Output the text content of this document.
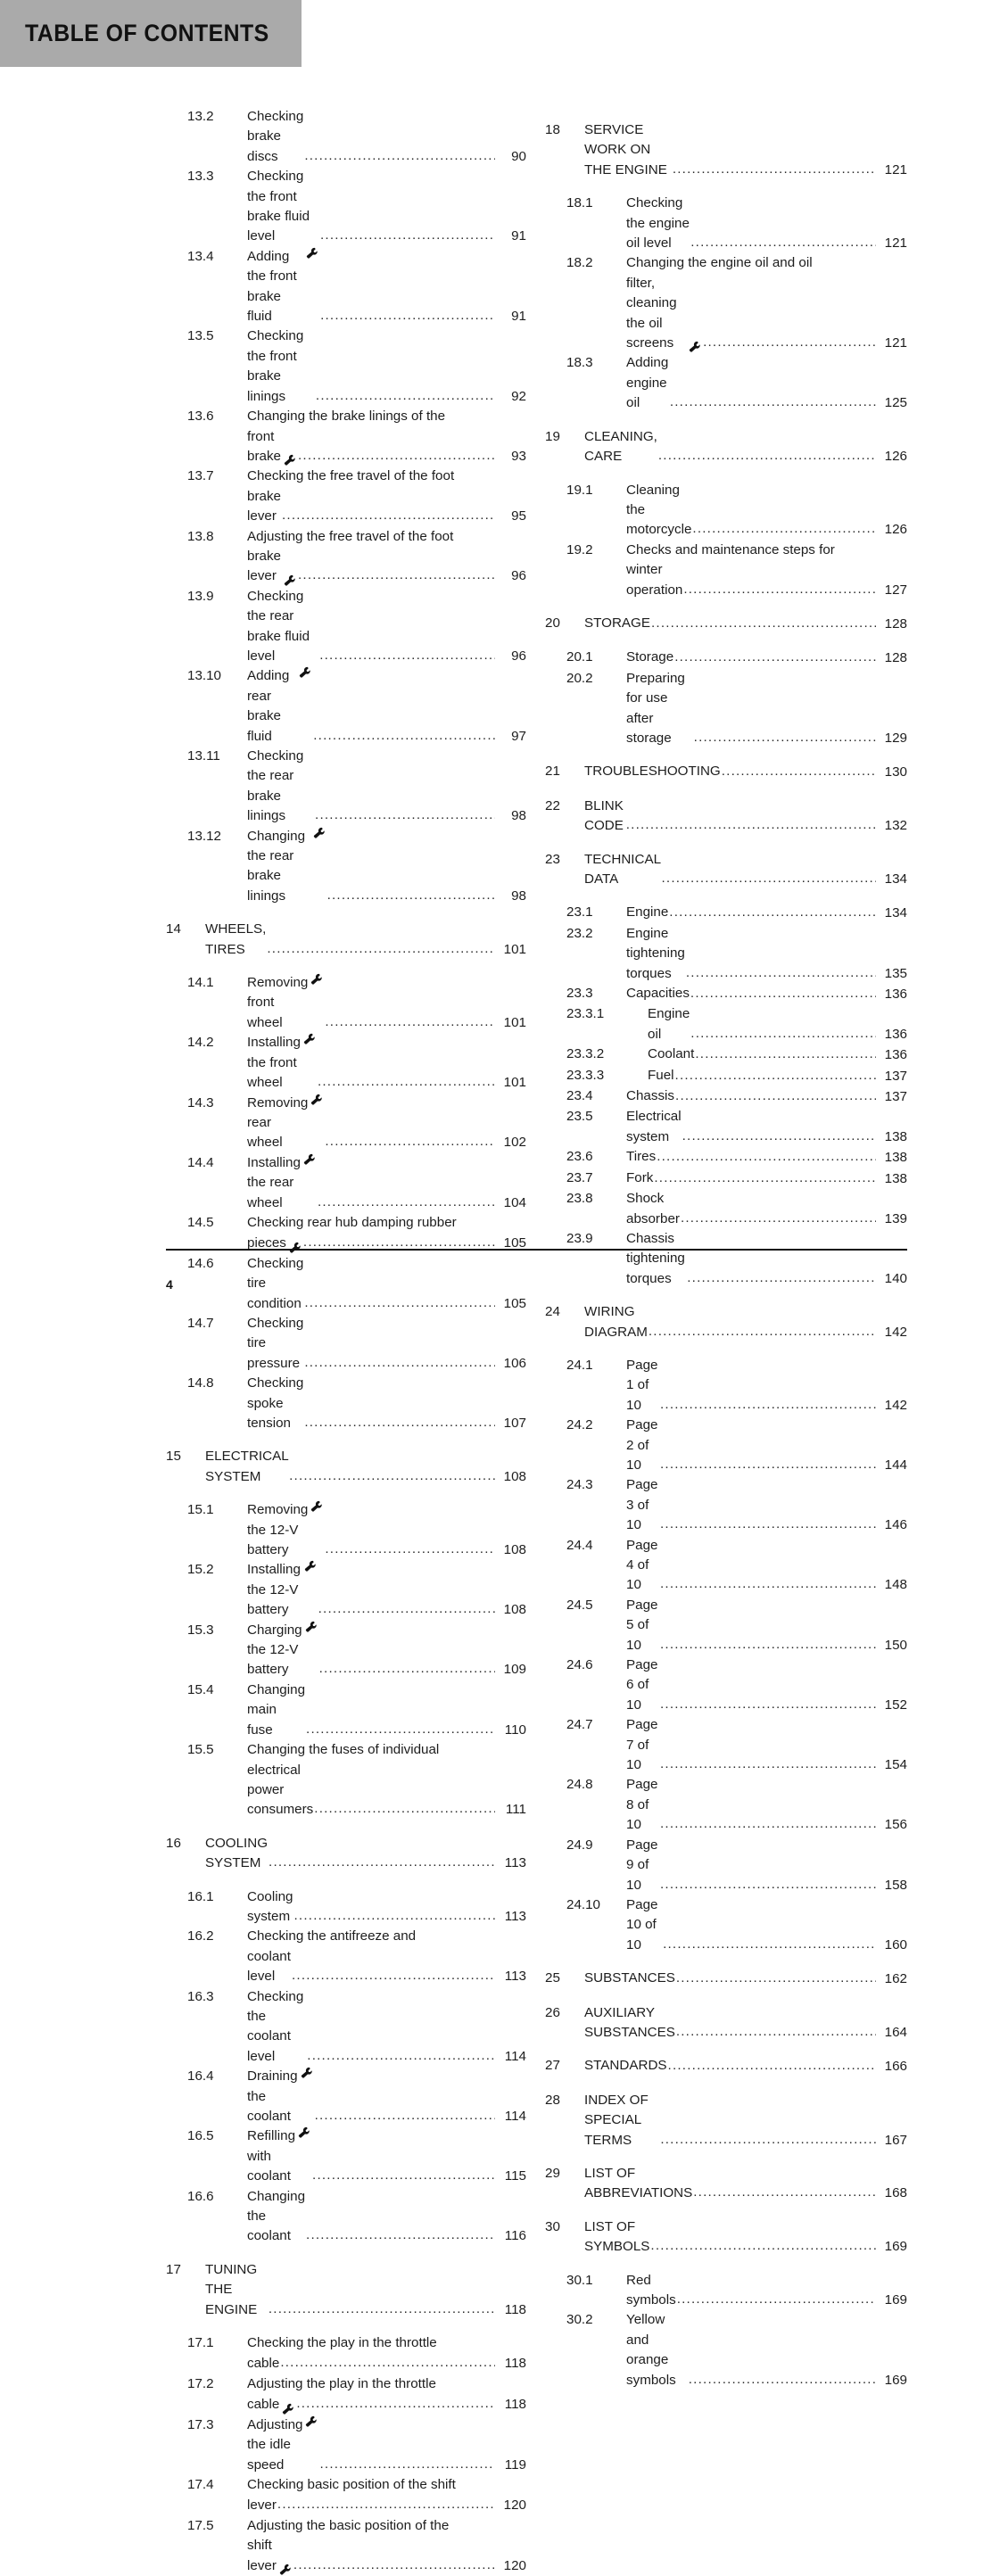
TABLE OF CONTENTS
13.2	Checking brake discs .....	90
13.3	Checking the front brake fluid level .....	91
13.4	Adding the front brake fluid .....	91
13.5	Checking the front brake linings .....	92
13.6	Changing the brake linings of the
front brake .....	93
13.7	Checking the free travel of the foot
brake lever .....	95
13.8	Adjusting the free travel of the foot
brake lever .....	96
13.9	Checking the rear brake fluid level .....	96
13.10	Adding rear brake fluid .....	97
13.11	Checking the rear brake linings .....	98
13.12	Changing the rear brake linings .....	98
14	WHEELS, TIRES .....	101
14.1	Removing front wheel .....	101
14.2	Installing the front wheel .....	101
14.3	Removing rear wheel .....	102
14.4	Installing the rear wheel .....	104
14.5	Checking rear hub damping rubber
pieces .....	105
14.6	Checking tire condition .....	105
14.7	Checking tire pressure .....	106
14.8	Checking spoke tension .....	107
15	ELECTRICAL SYSTEM .....	108
15.1	Removing the 12-V battery .....	108
15.2	Installing the 12-V battery .....	108
15.3	Charging the 12-V battery .....	109
15.4	Changing main fuse .....	110
15.5	Changing the fuses of individual
electrical power consumers .....	111
16	COOLING SYSTEM .....	113
16.1	Cooling system .....	113
16.2	Checking the antifreeze and
coolant level .....	113
16.3	Checking the coolant level .....	114
16.4	Draining the coolant .....	114
16.5	Refilling with coolant .....	115
16.6	Changing the coolant .....	116
17	TUNING THE ENGINE .....	118
17.1	Checking the play in the throttle
cable .....	118
17.2	Adjusting the play in the throttle
cable .....	118
17.3	Adjusting the idle speed .....	119
17.4	Checking basic position of the shift
lever .....	120
17.5	Adjusting the basic position of the
shift lever .....	120
18	SERVICE WORK ON THE ENGINE .....	121
18.1	Checking the engine oil level .....	121
18.2	Changing the engine oil and oil
filter, cleaning the oil screens .....	121
18.3	Adding engine oil .....	125
19	CLEANING, CARE .....	126
19.1	Cleaning the motorcycle .....	126
19.2	Checks and maintenance steps for
winter operation .....	127
20	STORAGE .....	128
20.1	Storage .....	128
20.2	Preparing for use after storage .....	129
21	TROUBLESHOOTING .....	130
22	BLINK CODE .....	132
23	TECHNICAL DATA .....	134
23.1	Engine .....	134
23.2	Engine tightening torques .....	135
23.3	Capacities .....	136
23.3.1	Engine oil .....	136
23.3.2	Coolant .....	136
23.3.3	Fuel .....	137
23.4	Chassis .....	137
23.5	Electrical system .....	138
23.6	Tires .....	138
23.7	Fork .....	138
23.8	Shock absorber .....	139
23.9	Chassis tightening torques .....	140
24	WIRING DIAGRAM .....	142
24.1	Page 1 of 10 .....	142
24.2	Page 2 of 10 .....	144
24.3	Page 3 of 10 .....	146
24.4	Page 4 of 10 .....	148
24.5	Page 5 of 10 .....	150
24.6	Page 6 of 10 .....	152
24.7	Page 7 of 10 .....	154
24.8	Page 8 of 10 .....	156
24.9	Page 9 of 10 .....	158
24.10	Page 10 of 10 .....	160
25	SUBSTANCES .....	162
26	AUXILIARY SUBSTANCES .....	164
27	STANDARDS .....	166
28	INDEX OF SPECIAL TERMS .....	167
29	LIST OF ABBREVIATIONS .....	168
30	LIST OF SYMBOLS .....	169
30.1	Red symbols .....	169
30.2	Yellow and orange symbols .....	169
4
